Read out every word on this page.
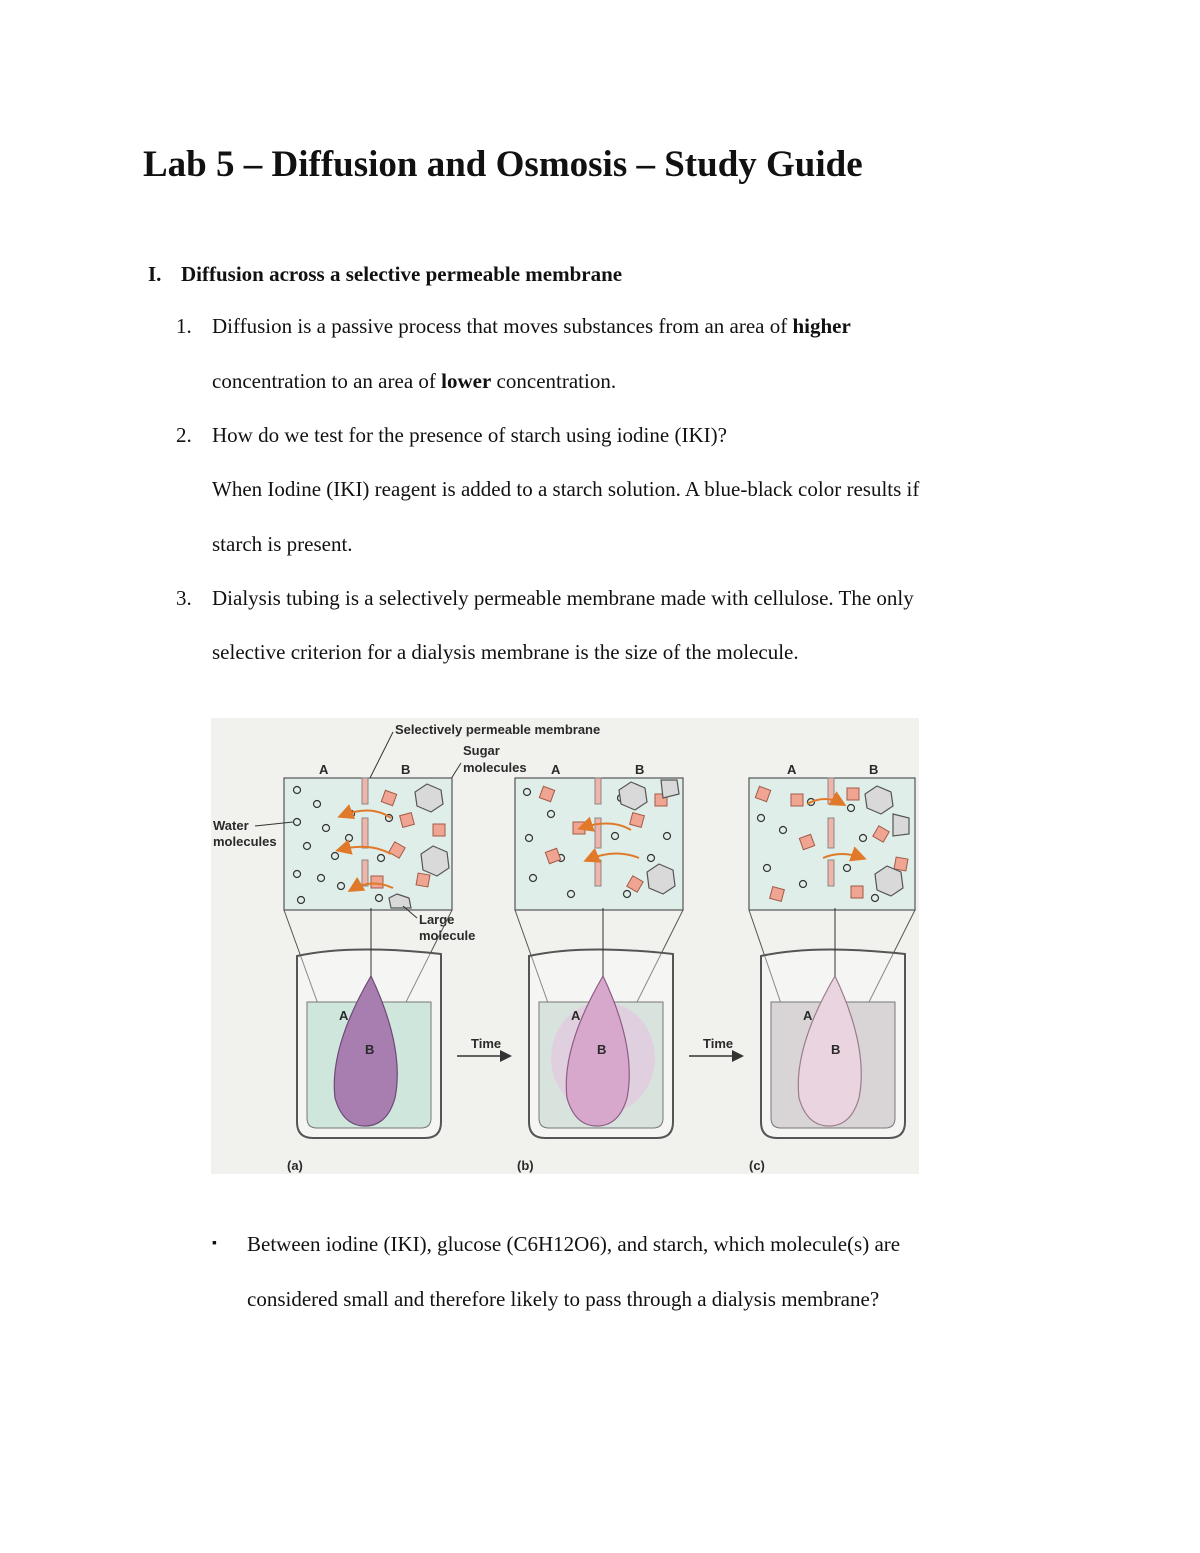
Lab 5 – Diffusion and Osmosis – Study Guide
I. Diffusion across a selective permeable membrane

1. Diffusion is a passive process that moves substances from an area of higher

concentration to an area of lower concentration.

2. How do we test for the presence of starch using iodine (IKI)?

When Iodine (IKI) reagent is added to a starch solution. A blue-black color results if

starch is present.

3. Dialysis tubing is a selectively permeable membrane made with cellulose. The only

selective criterion for a dialysis membrane is the size of the molecule.

Selectively permeable membrane
Sugar
molecules
A	B
Water
molecules
Large
molecule
A
B
(a)
Time
A	B
A
B
(b)
Time
A	B
A
B
(c)

▪ Between iodine (IKI), glucose (C6H12O6), and starch, which molecule(s) are

considered small and therefore likely to pass through a dialysis membrane?
